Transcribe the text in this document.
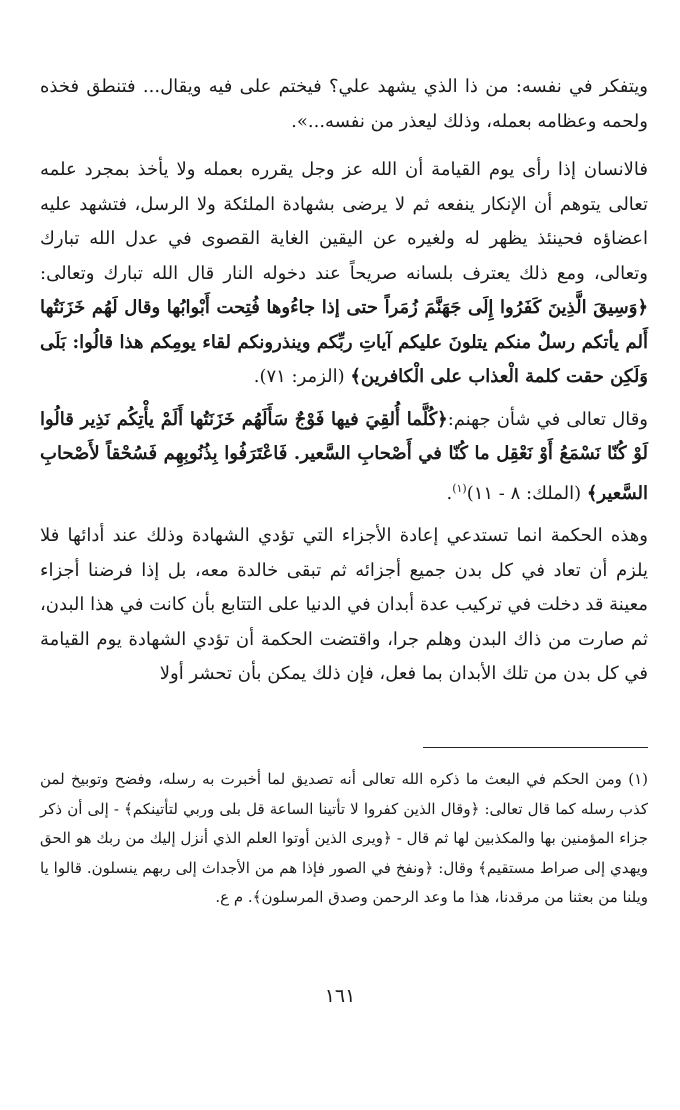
ويتفكر في نفسه: من ذا الذي يشهد علي؟ فيختم على فيه ويقال... فتنطق فخذه ولحمه وعظامه بعمله، وذلك ليعذر من نفسه...».

فالانسان إذا رأى يوم القيامة أن الله عز وجل يقرره بعمله ولا يأخذ بمجرد علمه تعالى يتوهم أن الإنكار ينفعه ثم لا يرضى بشهادة الملئكة ولا الرسل، فتشهد عليه اعضاؤه فحينئذ يظهر له ولغيره عن اليقين الغاية القصوى في عدل الله تبارك وتعالى، ومع ذلك يعترف بلسانه صريحاً عند دخوله النار قال الله تبارك وتعالى: ﴿وَسِيقَ الَّذِينَ كَفَرُوا إِلَى جَهَنَّمَ زُمَراً حتى إذا جاءُوها فُتِحت أَبْوابُها وقال لَهُم خَزَنَتُها أَلم يأتكم رسلٌ منكم يتلونَ عليكم آياتِ ربِّكم وينذرونكم لقاء يومِكم هذا قالُوا: بَلَى وَلَكِن حقت كلمة الْعذاب على الْكافرين﴾ (الزمر: ٧١).

وقال تعالى في شأن جهنم:﴿كُلَّما أُلقِيَ فيها فَوْجٌ سَأَلَهُم خَزَنَتُها أَلَمْ يأْتِكُم نَذِير قالُوا لَوْ كُنّا نَسْمَعُ أَوْ نَعْقِل ما كُنّا في أَصْحابِ السَّعير. فَاعْتَرَفُوا بِذُنُوبِهِم فَسُحْقاً لأَصْحابِ السَّعير﴾ (الملك: ٨ - ١١)$^{(١)}$.

وهذه الحكمة انما تستدعي إعادة الأجزاء التي تؤدي الشهادة وذلك عند أدائها فلا يلزم أن تعاد في كل بدن جميع أجزائه ثم تبقى خالدة معه، بل إذا فرضنا أجزاء معينة قد دخلت في تركيب عدة أبدان في الدنيا على التتابع بأن كانت في هذا البدن، ثم صارت من ذاك البدن وهلم جرا، واقتضت الحكمة أن تؤدي الشهادة يوم القيامة في كل بدن من تلك الأبدان بما فعل، فإن ذلك يمكن بأن تحشر أولا

(١) ومن الحكم في البعث ما ذكره الله تعالى أنه تصديق لما أخبرت به رسله، وفضح وتوبيخ لمن كذب رسله كما قال تعالى: ﴿وقال الذين كفروا لا تأتينا الساعة قل بلى وربي لتأتينكم﴾ - إلى أن ذكر جزاء المؤمنين بها والمكذبين لها ثم قال - ﴿ويرى الذين أوتوا العلم الذي أنزل إليك من ربك هو الحق ويهدي إلى صراط مستقيم﴾ وقال: ﴿ونفخ في الصور فإذا هم من الأجداث إلى ربهم ينسلون. قالوا يا ويلنا من بعثنا من مرقدنا، هذا ما وعد الرحمن وصدق المرسلون﴾. م ع.

١٦١
